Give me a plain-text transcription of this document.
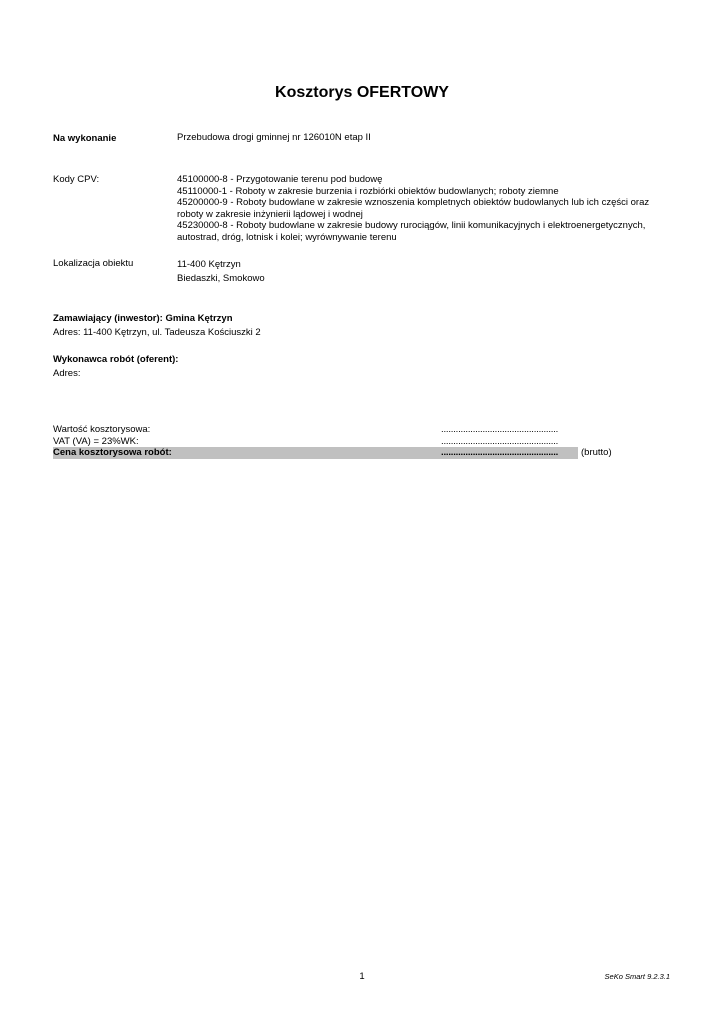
Kosztorys OFERTOWY
Na wykonanie	Przebudowa drogi gminnej nr 126010N etap II
Kody CPV:	45100000-8 - Przygotowanie terenu pod budowę
45110000-1 - Roboty w zakresie burzenia i rozbiórki obiektów budowlanych; roboty ziemne
45200000-9 - Roboty budowlane w zakresie wznoszenia kompletnych obiektów budowlanych lub ich części oraz
roboty w zakresie inżynierii lądowej i wodnej
45230000-8 - Roboty budowlane w zakresie budowy rurociągów, linii komunikacyjnych i elektroenergetycznych,
autostrad, dróg, lotnisk i kolei; wyrównywanie terenu
Lokalizacja obiektu	11-400 Kętrzyn
Biedaszki, Smokowo
Zamawiający (inwestor): Gmina Kętrzyn
Adres: 11-400 Kętrzyn, ul. Tadeusza Kościuszki 2
Wykonawca robót (oferent):
Adres:
Wartość kosztorysowa:	................................................
VAT (VA) = 23%WK:	................................................
Cena kosztorysowa robót:	................................................ (brutto)
1	SeKo Smart 9.2.3.1
